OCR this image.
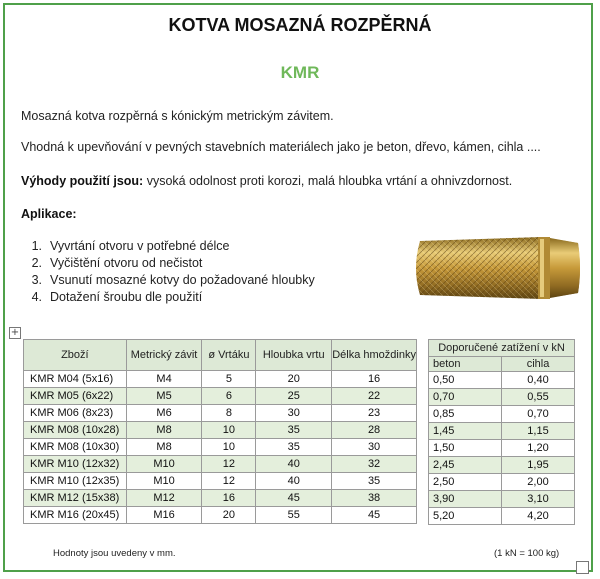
KOTVA MOSAZNÁ ROZPĚRNÁ
KMR
Mosazná kotva rozpěrná s kónickým metrickým závitem.
Vhodná k upevňování v pevných stavebních materiálech jako je beton, dřevo, kámen, cihla ....
Výhody použití jsou: vysoká odolnost proti korozi, malá hloubka vrtání a ohnivzdornost.
Aplikace:
1. Vyvrtání otvoru v potřebné délce
2. Vyčištění otvoru od nečistot
3. Vsunutí mosazné kotvy do požadované hloubky
4. Dotažení šroubu dle použití
+
Zboží	Metrický závit	ø Vrtáku	Hloubka vrtu	Délka hmoždinky
KMR M04 (5x16)	M4	5	20	16
KMR M05 (6x22)	M5	6	25	22
KMR M06 (8x23)	M6	8	30	23
KMR M08 (10x28)	M8	10	35	28
KMR M08 (10x30)	M8	10	35	30
KMR M10 (12x32)	M10	12	40	32
KMR M10 (12x35)	M10	12	40	35
KMR M12 (15x38)	M12	16	45	38
KMR M16 (20x45)	M16	20	55	45
Doporučené zatížení v kN	
beton	cihla
0,50	0,40
0,70	0,55
0,85	0,70
1,45	1,15
1,50	1,20
2,45	1,95
2,50	2,00
3,90	3,10
5,20	4,20
Hodnoty jsou uvedeny v mm.	(1 kN = 100 kg)
